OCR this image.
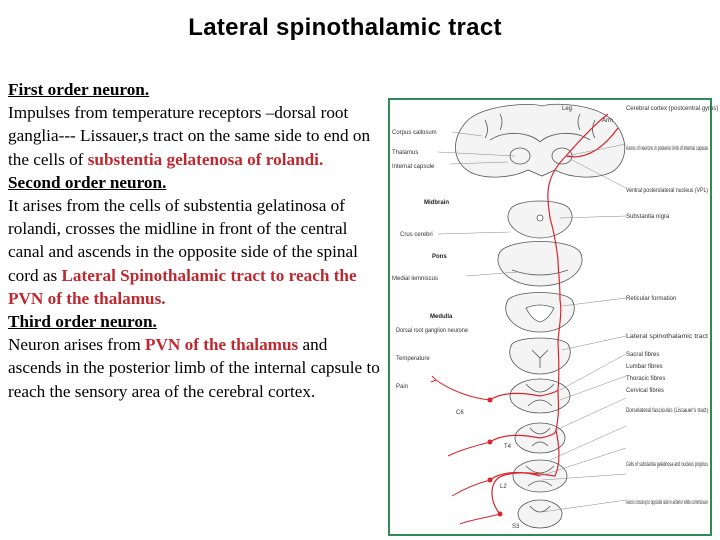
Lateral spinothalamic tract

First order neuron.

Impulses from temperature receptors –dorsal root ganglia--- Lissauer,s tract on the same side to end on the cells of substentia gelatenosa of rolandi.

Second order neuron.

It arises from the cells of substentia gelatinosa of rolandi, crosses the midline in front of the central canal and ascends in the opposite side of the spinal cord as Lateral Spinothalamic tract to reach the PVN of the thalamus.

Third order neuron.

Neuron arises from PVN of the thalamus and ascends in the posterior limb of the internal capsule to reach the sensory area of the cerebral cortex.

Leg	Cerebral cortex (postcentral gyrus)
Corpus callosum
Thalamus
Internal capsule
Axons of neurons in posterior limb of internal capsule
Ventral posterolateral nucleus (VPL)
Midbrain
Substantia nigra
Crus cerebri
Pons
Medial lemniscus
Reticular formation
Medulla
Lateral spinothalamic tract
Dorsal root ganglion neurone
Sacral fibres
Lumbar fibres
Thoracic fibres
Cervical fibres
Temperature
Pain
Dorsolateral fasciculus (Lissauer's tract)
Cells of substantia gelatinosa and nucleus proprius
Axons crossing to opposite side in anterior white commissure
C6
T4
L2
S3
Arm
